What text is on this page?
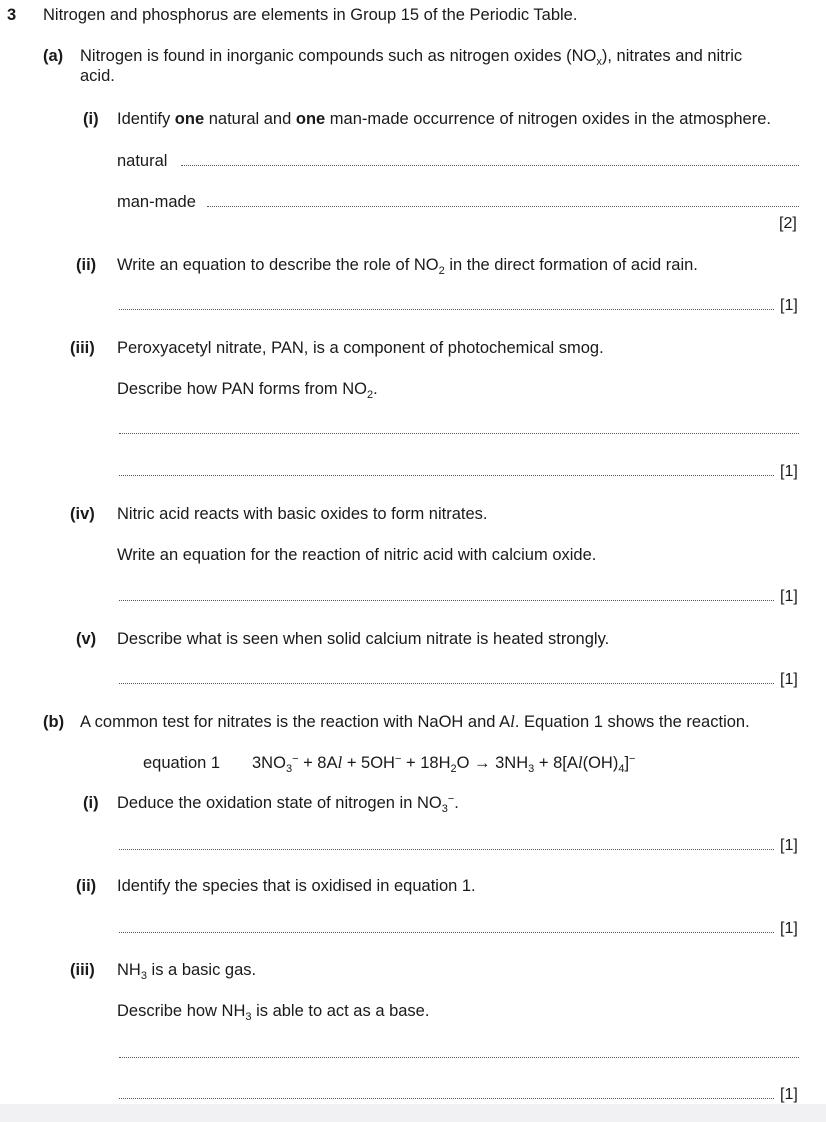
3 Nitrogen and phosphorus are elements in Group 15 of the Periodic Table.
(a) Nitrogen is found in inorganic compounds such as nitrogen oxides $(NO_x)$, nitrates and nitric
acid.
(i) Identify one natural and one man-made occurrence of nitrogen oxides in the atmosphere.
natural
man-made
[2]
(ii) Write an equation to describe the role of $NO_2$ in the direct formation of acid rain.
[1]
(iii) Peroxyacetyl nitrate, PAN, is a component of photochemical smog.
Describe how PAN forms from $NO_2$.
[1]
(iv) Nitric acid reacts with basic oxides to form nitrates.
Write an equation for the reaction of nitric acid with calcium oxide.
[1]
(v) Describe what is seen when solid calcium nitrate is heated strongly.
[1]
(b) A common test for nitrates is the reaction with NaOH and Al. Equation 1 shows the reaction.
equation 1 $3NO_3^- + 8Al + 5OH^- + 18H_2O \to 3NH_3 + 8[Al(OH)_4]^-$
(i) Deduce the oxidation state of nitrogen in $NO_3^-$.
[1]
(ii) Identify the species that is oxidised in equation 1.
[1]
(iii) $NH_3$ is a basic gas.
Describe how $NH_3$ is able to act as a base.
[1]
